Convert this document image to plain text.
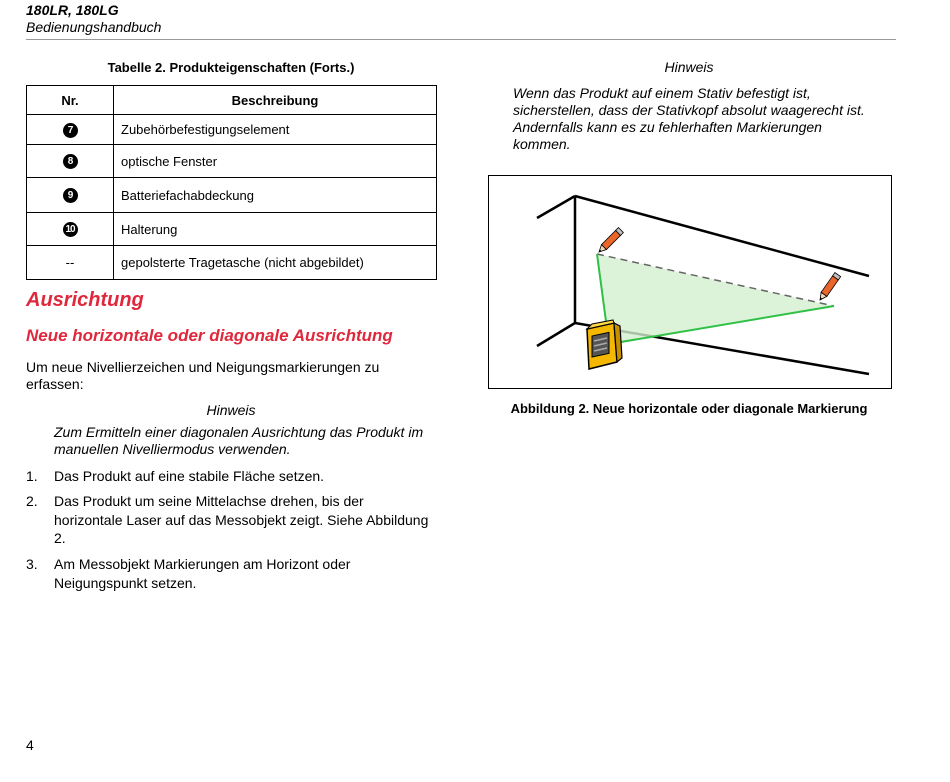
180LR, 180LG
Bedienungshandbuch
Tabelle 2. Produkteigenschaften (Forts.)
Nr.	Beschreibung
7	Zubehörbefestigungselement
8	optische Fenster
9	Batteriefachabdeckung
10	Halterung
--	gepolsterte Tragetasche (nicht abgebildet)
Ausrichtung
Neue horizontale oder diagonale Ausrichtung
Um neue Nivellierzeichen und Neigungsmarkierungen zu erfassen:
Hinweis
Zum Ermitteln einer diagonalen Ausrichtung das Produkt im manuellen Nivelliermodus verwenden.
1.	Das Produkt auf eine stabile Fläche setzen.
2.	Das Produkt um seine Mittelachse drehen, bis der horizontale Laser auf das Messobjekt zeigt. Siehe Abbildung 2.
3.	Am Messobjekt Markierungen am Horizont oder Neigungspunkt setzen.
Hinweis
Wenn das Produkt auf einem Stativ befestigt ist, sicherstellen, dass der Stativkopf absolut waagerecht ist. Andernfalls kann es zu fehlerhaften Markierungen kommen.
Abbildung 2. Neue horizontale oder diagonale Markierung
4
